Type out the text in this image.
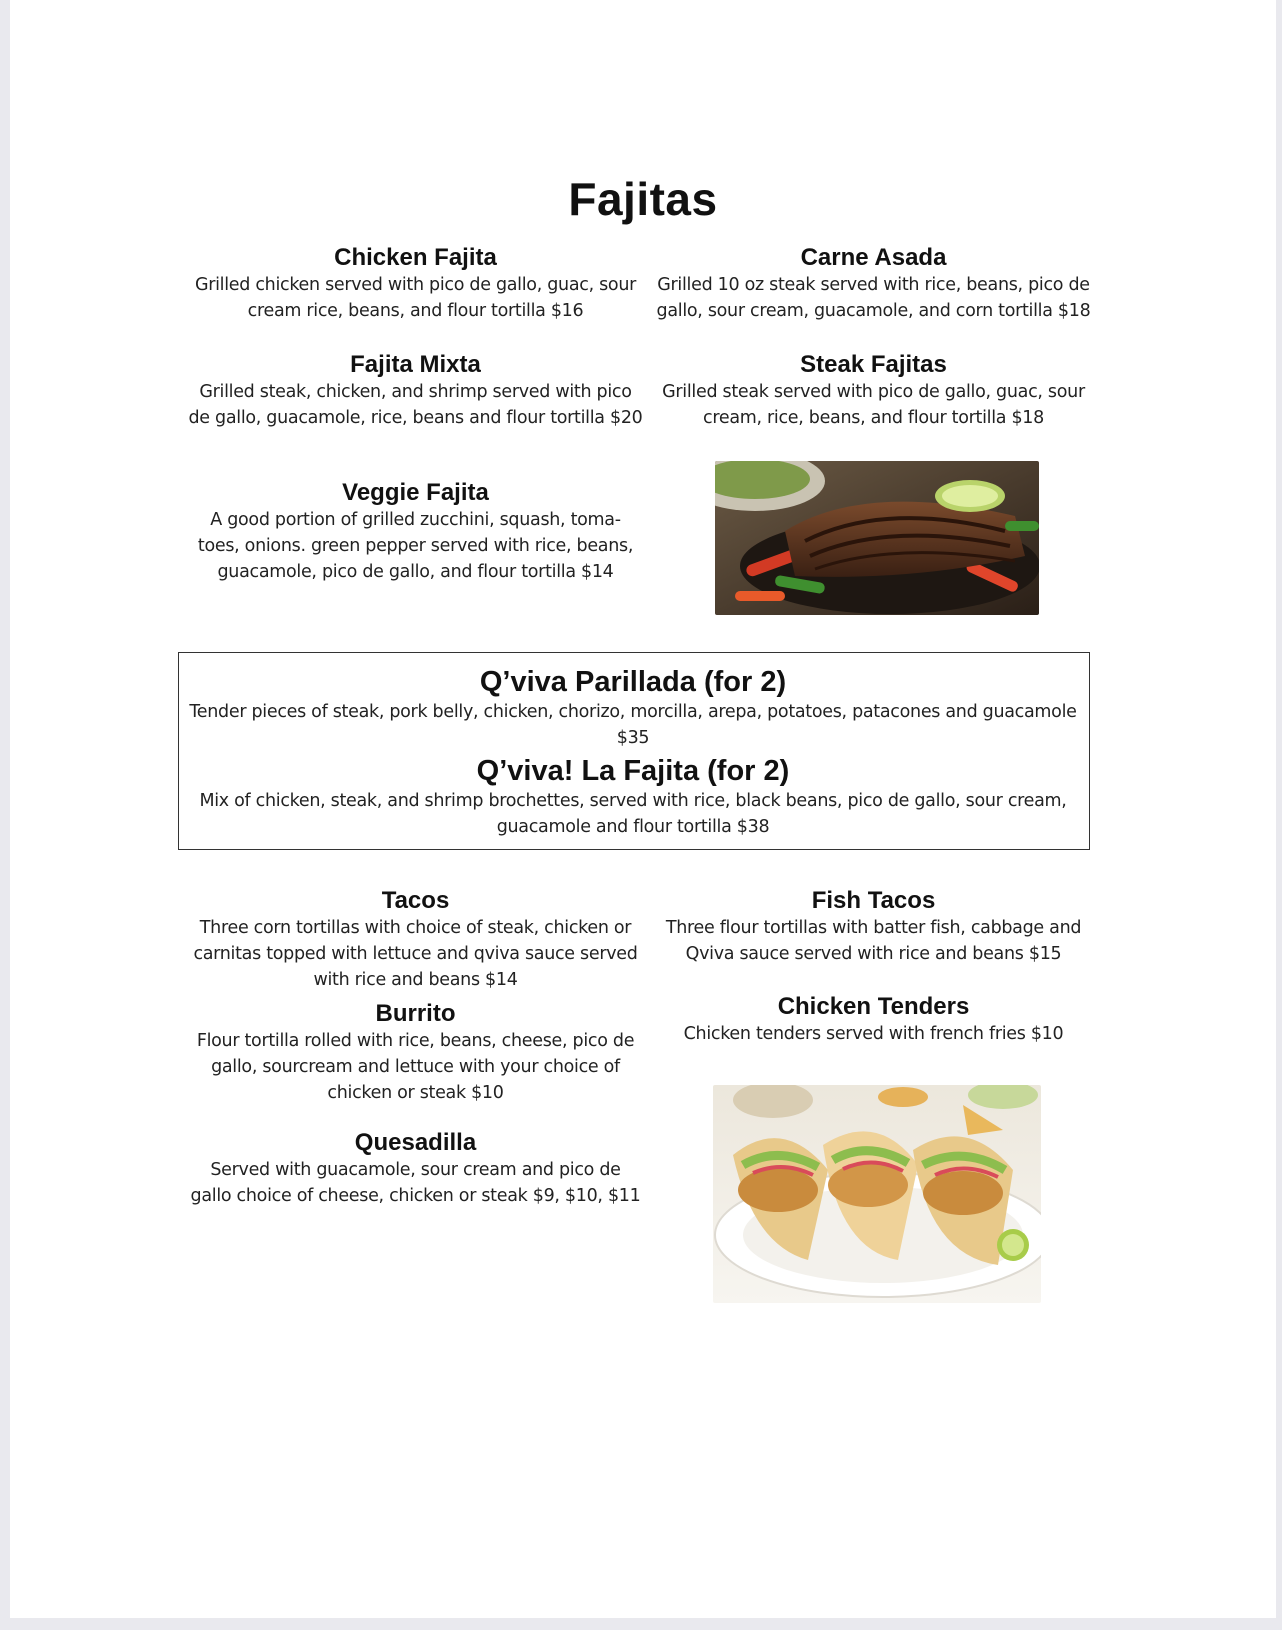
Fajitas
Chicken Fajita

Grilled chicken served with pico de gallo, guac, sour cream rice, beans, and flour tortilla $16

Carne Asada

Grilled 10 oz steak served with rice, beans, pico de gallo, sour cream, guacamole, and corn tortilla $18

Fajita Mixta

Grilled steak, chicken, and shrimp served with pico de gallo, guacamole, rice, beans and flour tortilla $20

Steak Fajitas

Grilled steak served with pico de gallo, guac, sour cream, rice, beans, and flour tortilla $18

Veggie Fajita

A good portion of grilled zucchini, squash, toma- toes, onions. green pepper served with rice, beans, guacamole, pico de gallo, and flour tortilla $14

Q’viva Parillada (for 2)

Tender pieces of steak, pork belly, chicken, chorizo, morcilla, arepa, potatoes, patacones and guacamole $35

Q’viva! La Fajita (for 2)

Mix of chicken, steak, and shrimp brochettes, served with rice, black beans, pico de gallo, sour cream, guacamole and flour tortilla $38

Tacos

Three corn tortillas with choice of steak, chicken or carnitas topped with lettuce and qviva sauce served with rice and beans $14

Fish Tacos

Three flour tortillas with batter fish, cabbage and Qviva sauce served with rice and beans $15

Burrito

Flour tortilla rolled with rice, beans, cheese, pico de gallo, sourcream and lettuce with your choice of chicken or steak $10

Chicken Tenders

Chicken tenders served with french fries $10

Quesadilla

Served with guacamole, sour cream and pico de gallo choice of cheese, chicken or steak $9, $10, $11
